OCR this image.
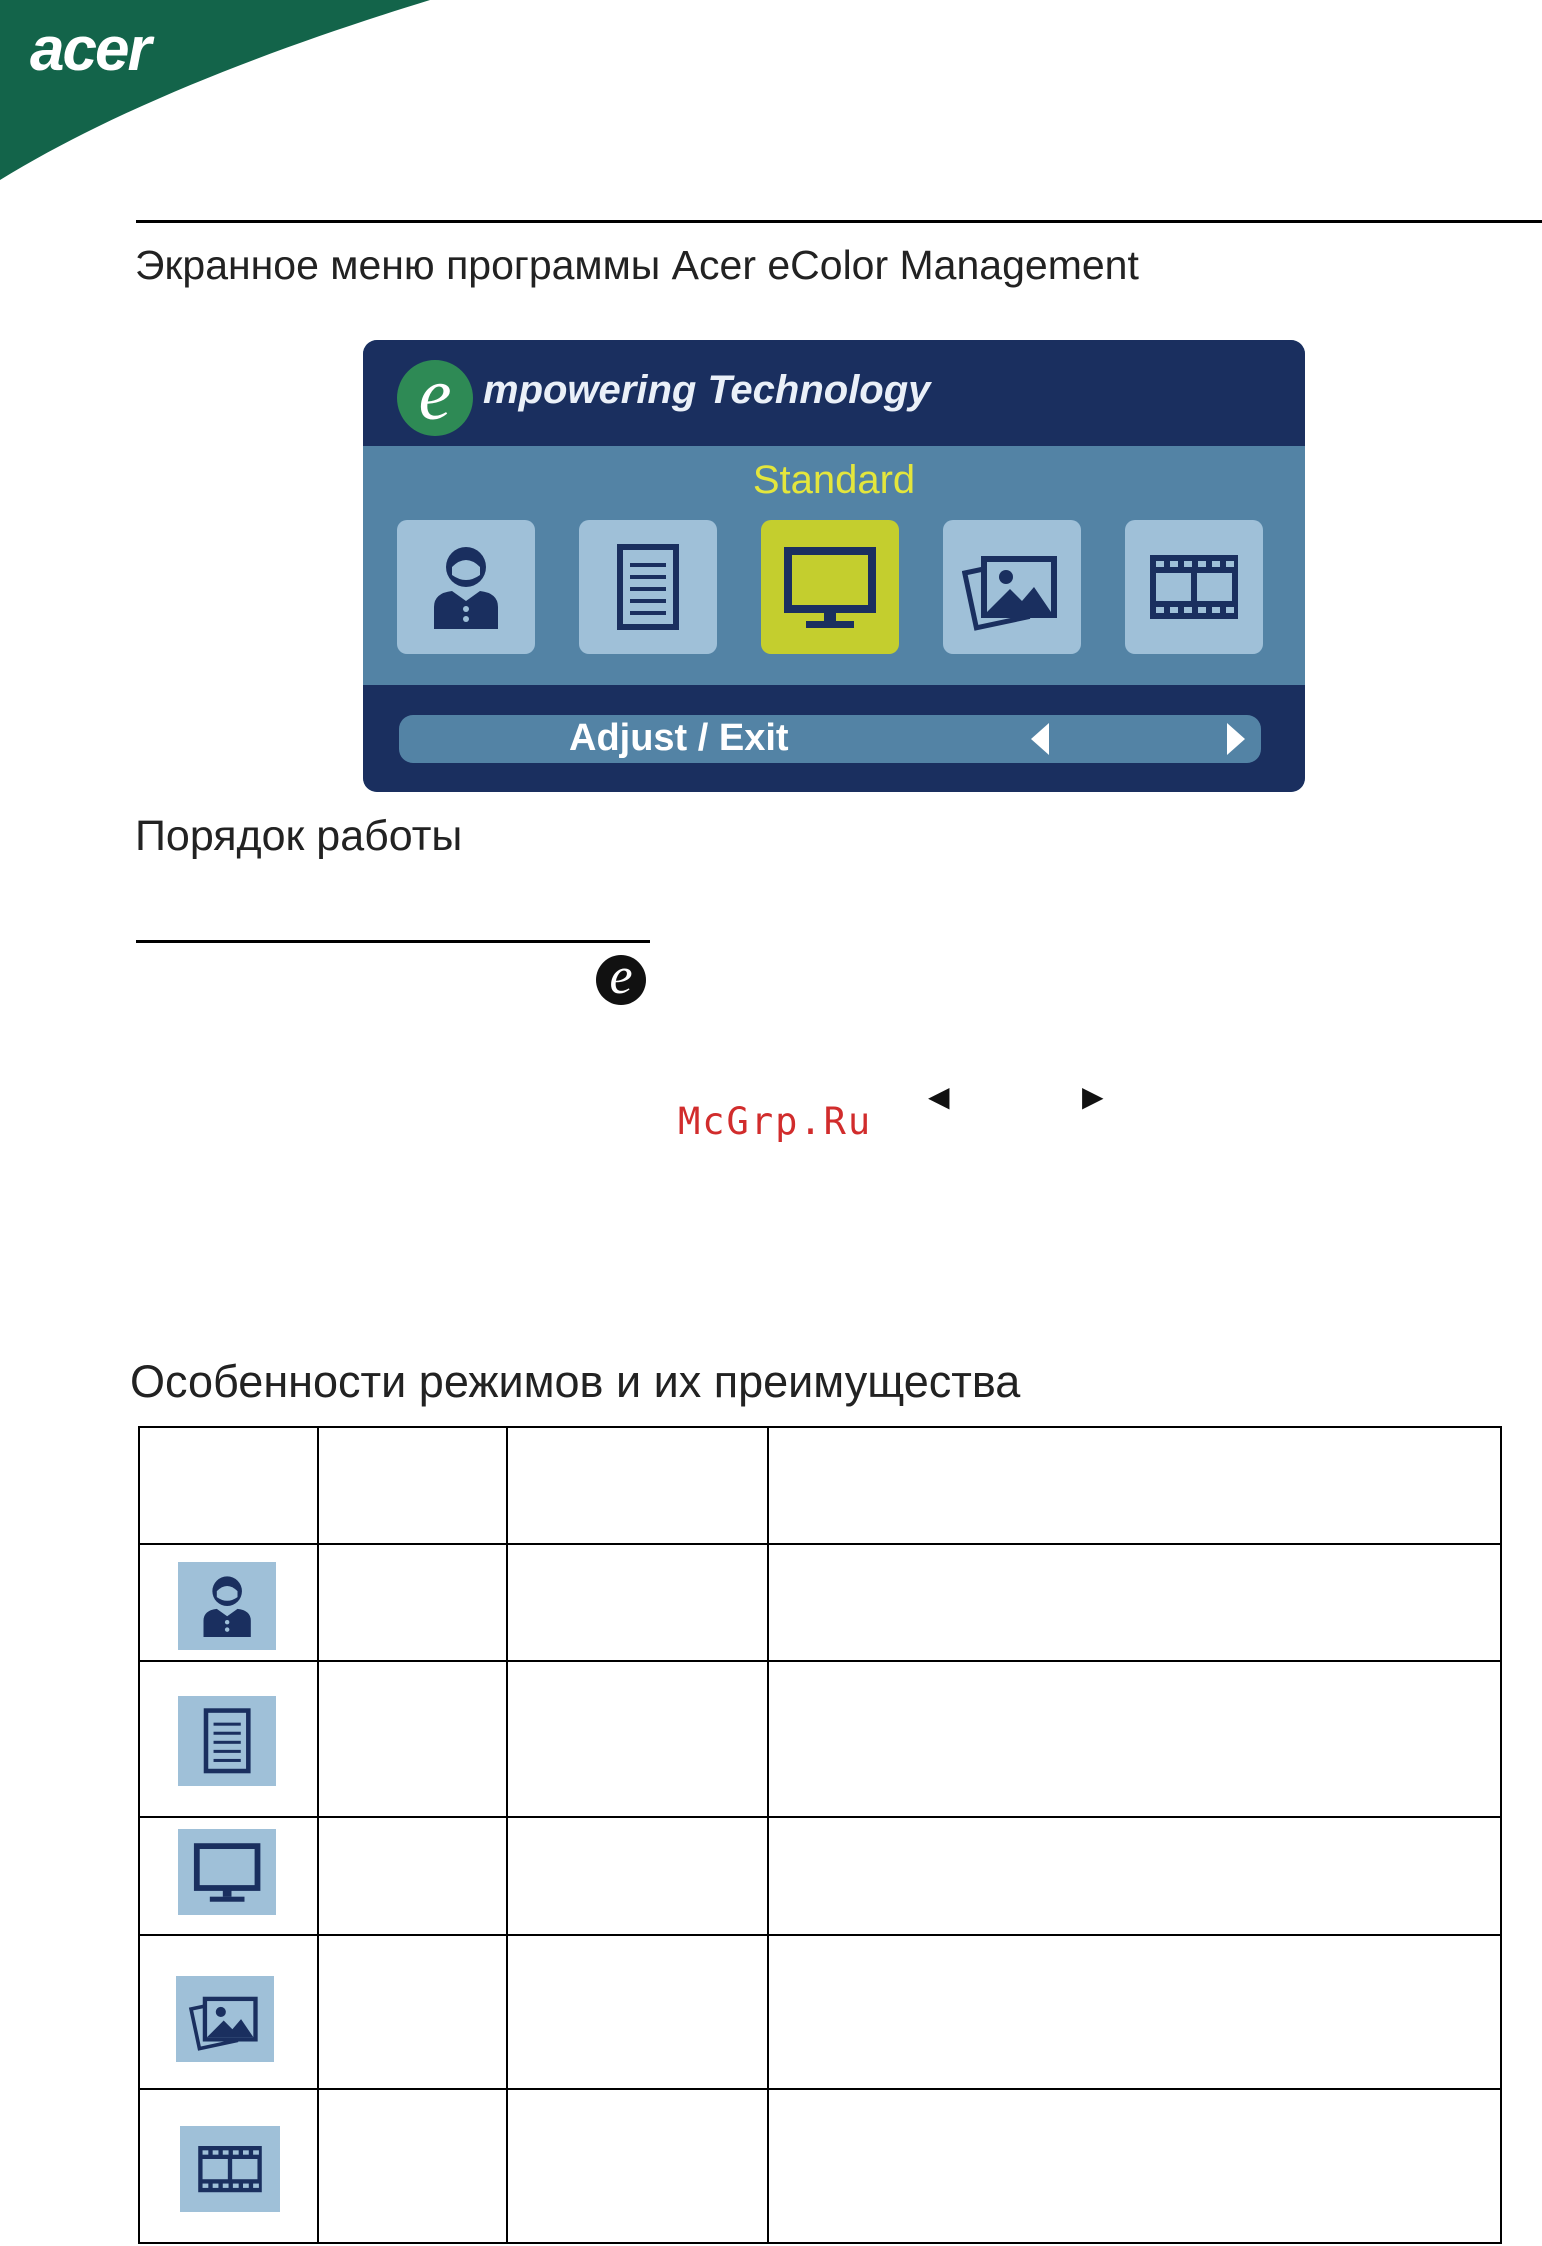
acer
Экранное меню программы Acer eColor Management
e mpowering Technology
Standard
Adjust / Exit
Порядок работы
e
◀	▶
McGrp.Ru
Особенности режимов и их преимущества
